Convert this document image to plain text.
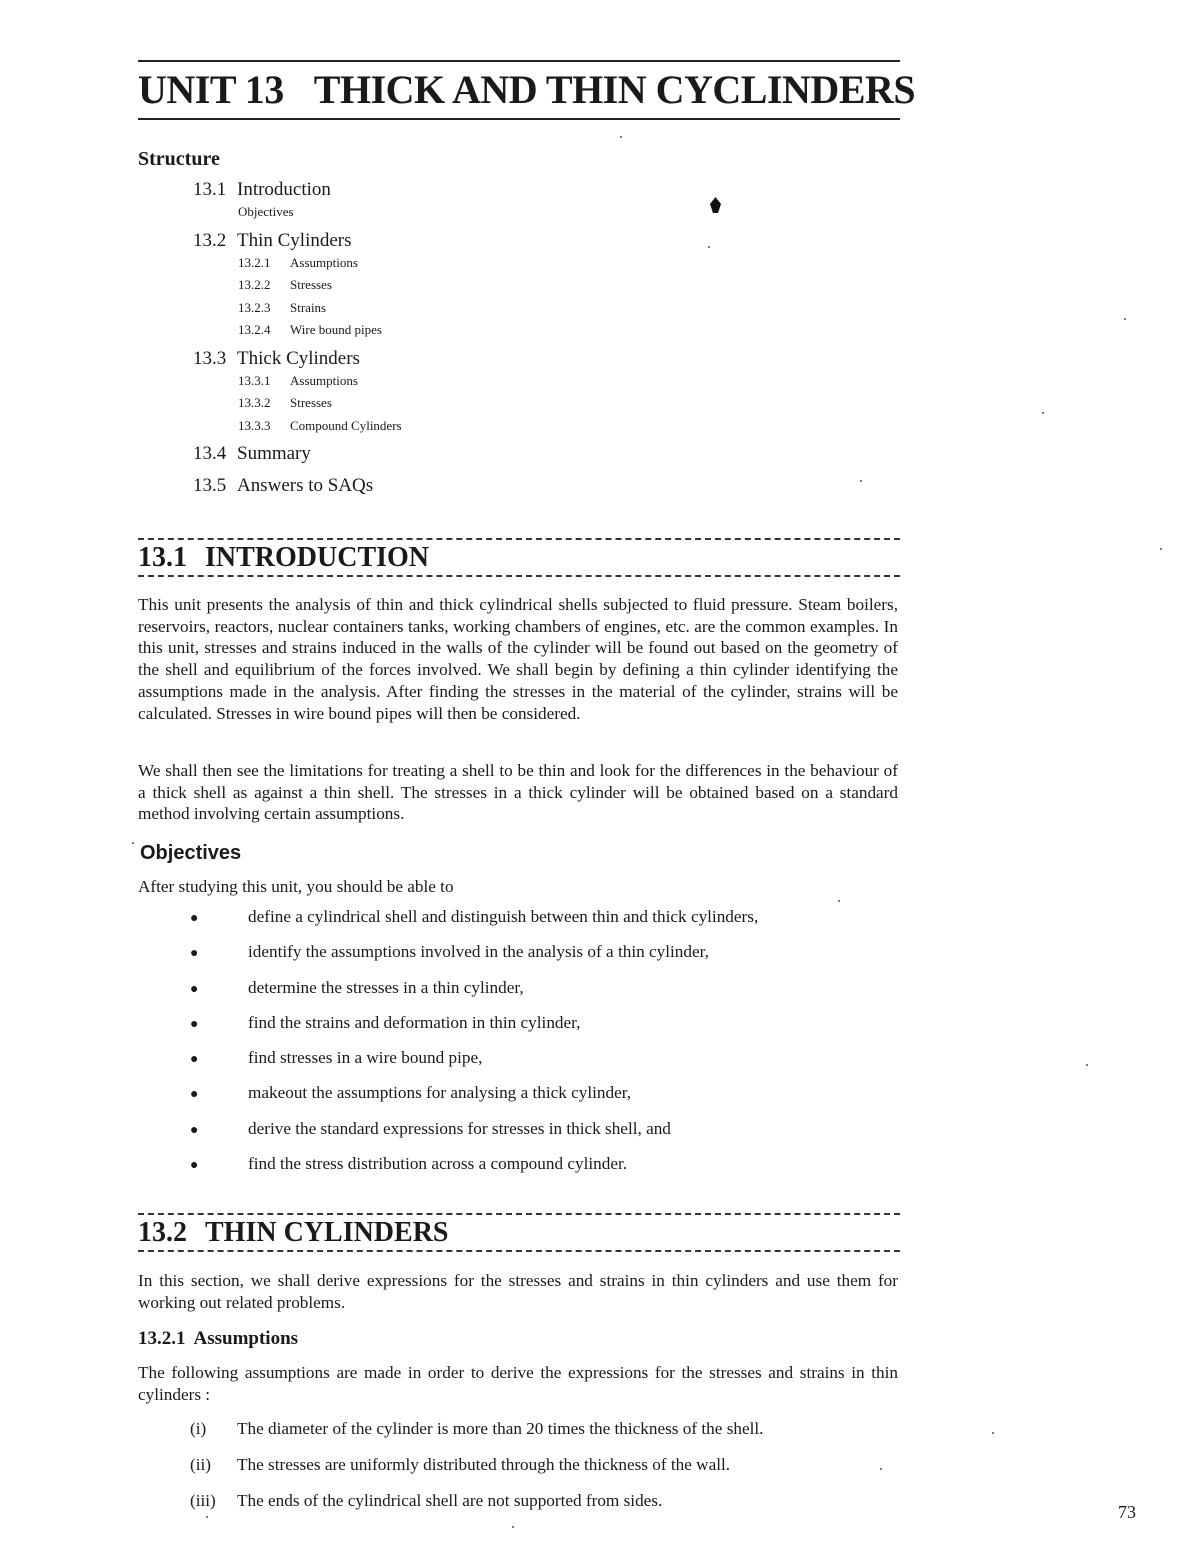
UNIT 13 THICK AND THIN CYCLINDERS
Structure
13.1 Introduction
Objectives
13.2 Thin Cylinders
13.2.1 Assumptions
13.2.2 Stresses
13.2.3 Strains
13.2.4 Wire bound pipes
13.3 Thick Cylinders
13.3.1 Assumptions
13.3.2 Stresses
13.3.3 Compound Cylinders
13.4 Summary
13.5 Answers to SAQs
13.1 INTRODUCTION

This unit presents the analysis of thin and thick cylindrical shells subjected to fluid pressure. Steam boilers, reservoirs, reactors, nuclear containers tanks, working chambers of engines, etc. are the common examples. In this unit, stresses and strains induced in the walls of the cylinder will be found out based on the geometry of the shell and equilibrium of the forces involved. We shall begin by defining a thin cylinder identifying the assumptions made in the analysis. After finding the stresses in the material of the cylinder, strains will be calculated. Stresses in wire bound pipes will then be considered.

We shall then see the limitations for treating a shell to be thin and look for the differences in the behaviour of a thick shell as against a thin shell. The stresses in a thick cylinder will be obtained based on a standard method involving certain assumptions.

Objectives

After studying this unit, you should be able to

●	define a cylindrical shell and distinguish between thin and thick cylinders,
●	identify the assumptions involved in the analysis of a thin cylinder,
●	determine the stresses in a thin cylinder,
●	find the strains and deformation in thin cylinder,
●	find stresses in a wire bound pipe,
●	makeout the assumptions for analysing a thick cylinder,
●	derive the standard expressions for stresses in thick shell, and
●	find the stress distribution across a compound cylinder.
13.2 THIN CYLINDERS

In this section, we shall derive expressions for the stresses and strains in thin cylinders and use them for working out related problems.

13.2.1 Assumptions

The following assumptions are made in order to derive the expressions for the stresses and strains in thin cylinders :

(i) The diameter of the cylinder is more than 20 times the thickness of the shell.
(ii) The stresses are uniformly distributed through the thickness of the wall.
(iii) The ends of the cylindrical shell are not supported from sides.
73
